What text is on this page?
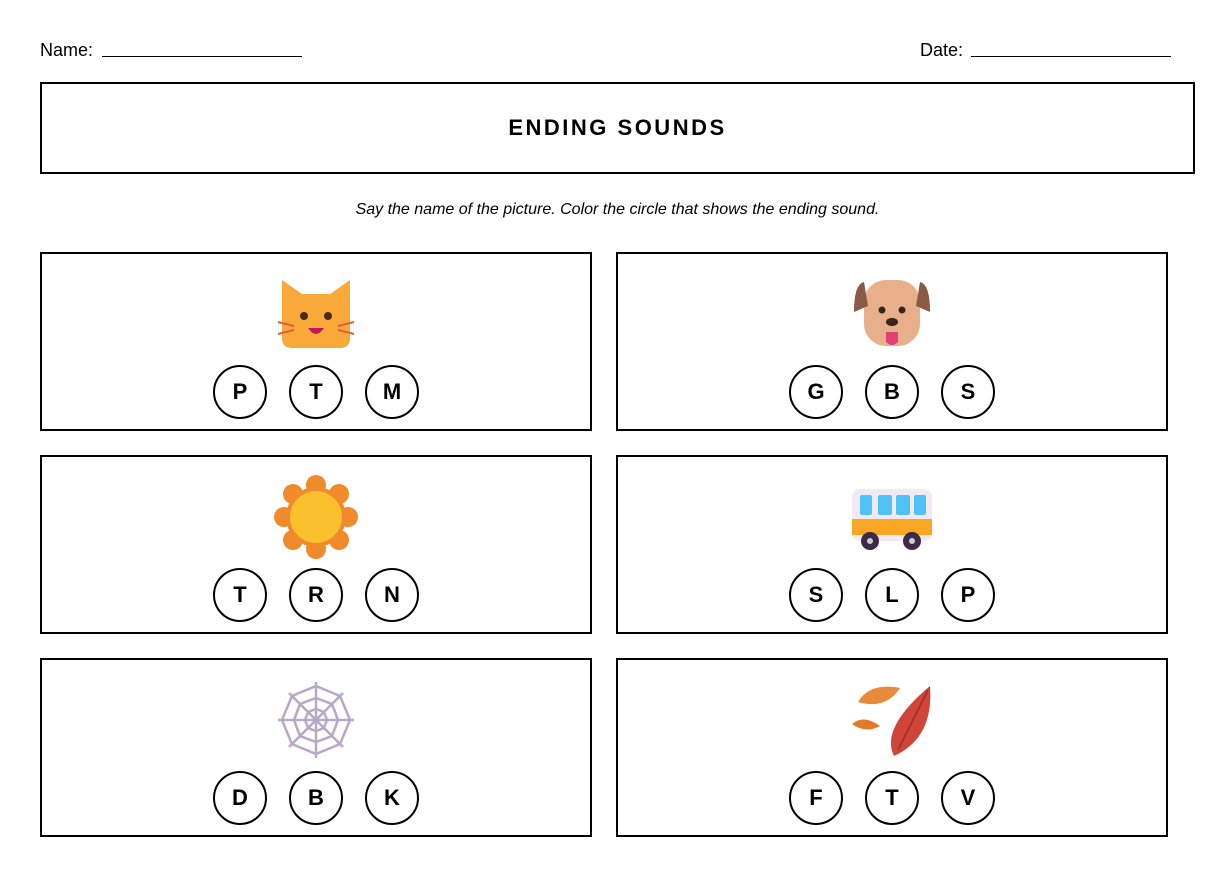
Name:	Date:
ENDING SOUNDS
Say the name of the picture. Color the circle that shows the ending sound.
P	T	M	G	B	S
T	R	N	S	L	P
D	B	K	F	T	V
